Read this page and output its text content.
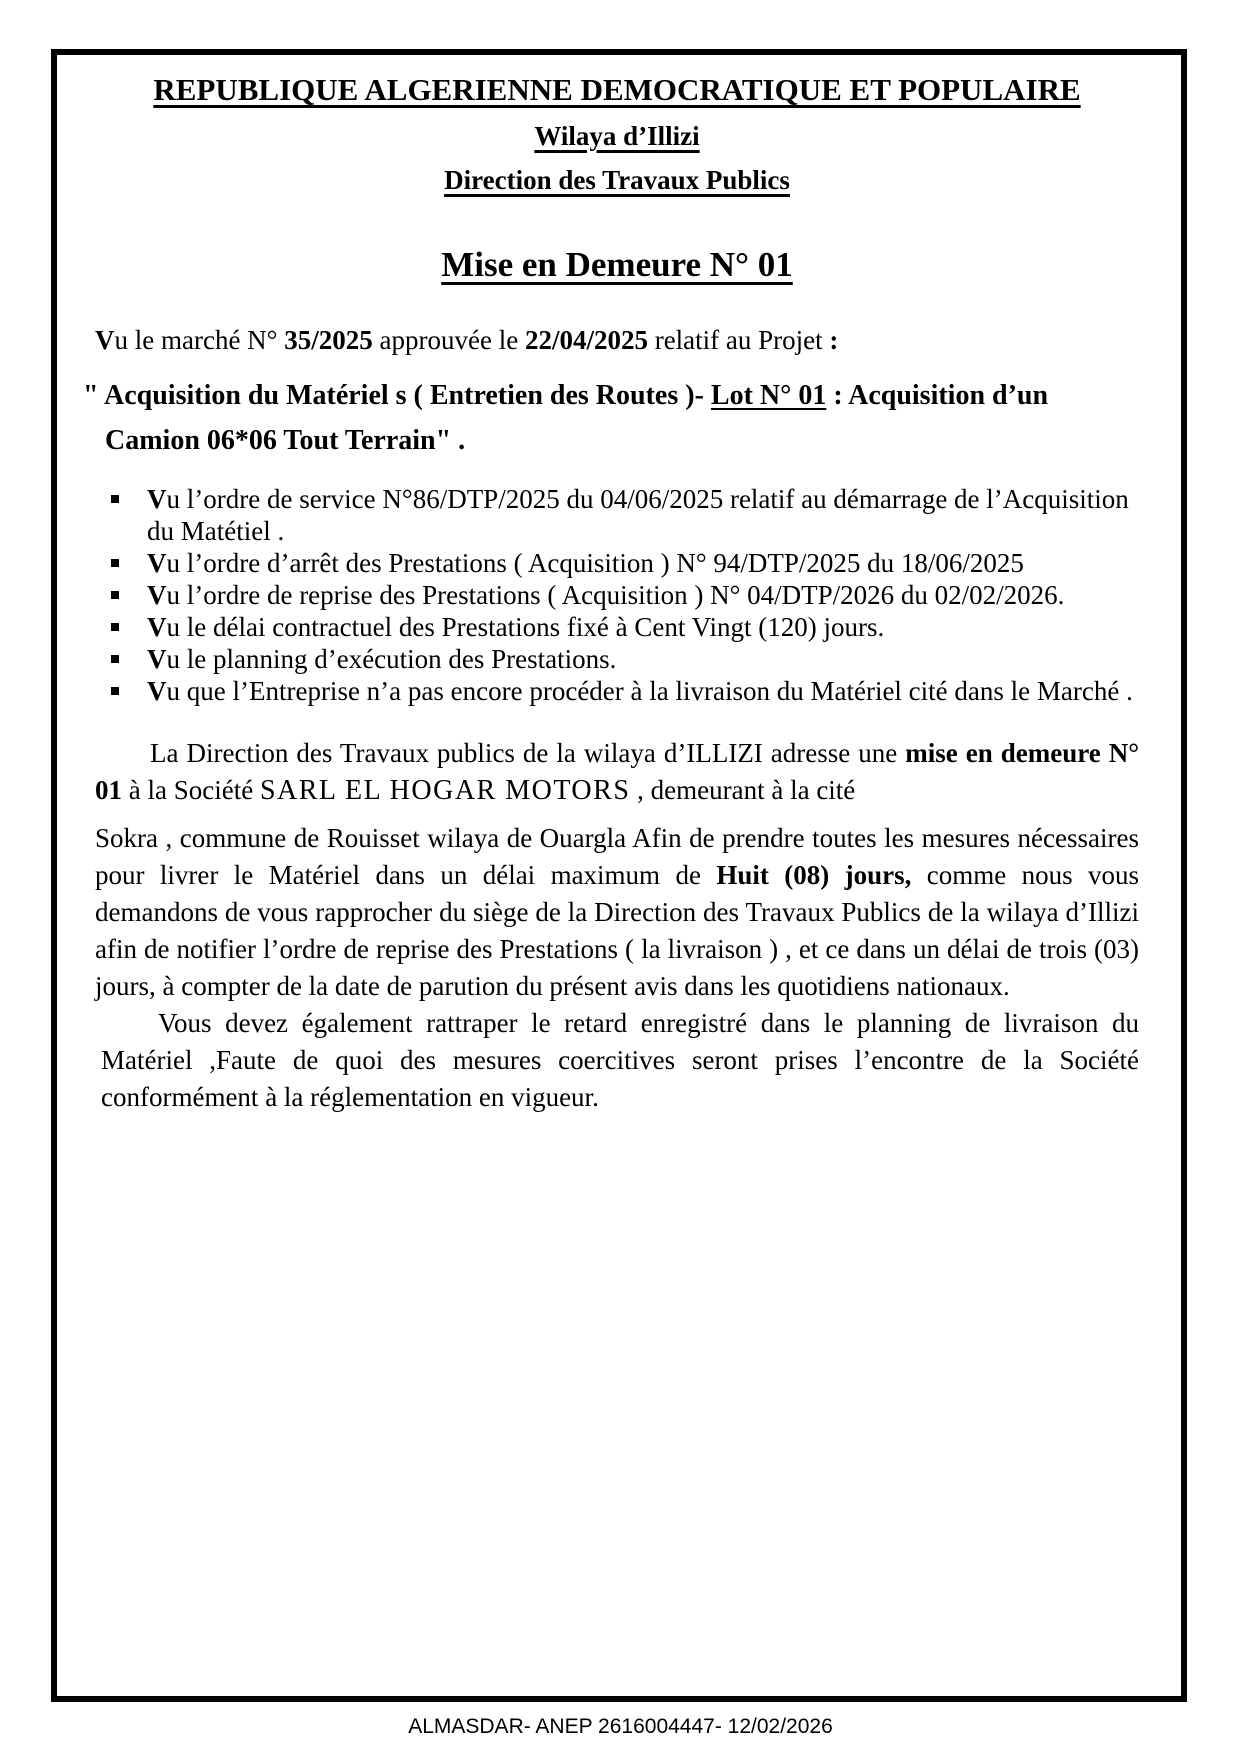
REPUBLIQUE ALGERIENNE DEMOCRATIQUE ET POPULAIRE
Wilaya d’Illizi
Direction des Travaux Publics
Mise en Demeure N° 01

Vu le marché N° 35/2025 approuvée le 22/04/2025 relatif au Projet :

" Acquisition du Matériel s ( Entretien des Routes )- Lot N° 01 : Acquisition d’un
Camion 06*06 Tout Terrain" .
Vu l’ordre de service N°86/DTP/2025 du 04/06/2025 relatif au démarrage de l’Acquisition du Matétiel .
Vu l’ordre d’arrêt des Prestations ( Acquisition ) N° 94/DTP/2025 du 18/06/2025
Vu l’ordre de reprise des Prestations ( Acquisition ) N° 04/DTP/2026 du 02/02/2026.
Vu le délai contractuel des Prestations fixé à Cent Vingt (120) jours.
Vu le planning d’exécution des Prestations.
Vu que l’Entreprise n’a pas encore procéder à la livraison du Matériel cité dans le Marché .

La Direction des Travaux publics de la wilaya d’ILLIZI adresse une mise en demeure N° 01 à la Société SARL EL HOGAR MOTORS , demeurant à la cité

Sokra , commune de Rouisset wilaya de Ouargla Afin de prendre toutes les mesures nécessaires pour livrer le Matériel dans un délai maximum de Huit (08) jours, comme nous vous demandons de vous rapprocher du siège de la Direction des Travaux Publics de la wilaya d’Illizi afin de notifier l’ordre de reprise des Prestations ( la livraison ) , et ce dans un délai de trois (03) jours, à compter de la date de parution du présent avis dans les quotidiens nationaux.

Vous devez également rattraper le retard enregistré dans le planning de livraison du Matériel ,Faute de quoi des mesures coercitives seront prises l’encontre de la Société conformément à la réglementation en vigueur.

ALMASDAR- ANEP 2616004447- 12/02/2026
